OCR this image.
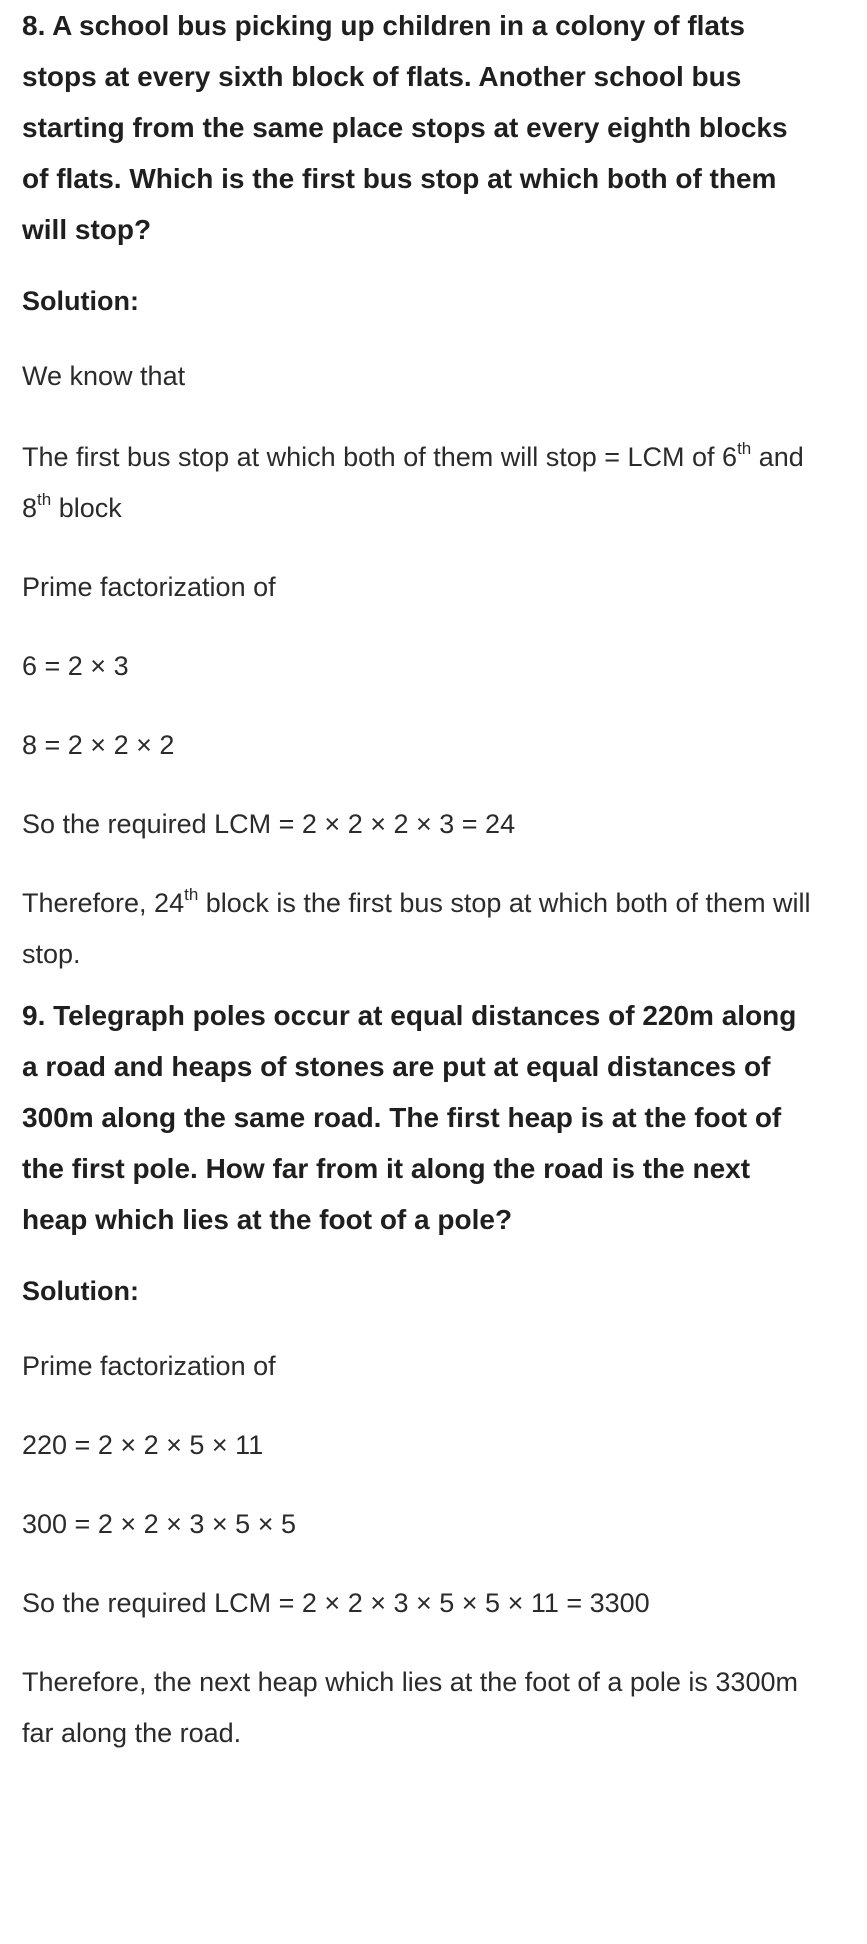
8. A school bus picking up children in a colony of flats stops at every sixth block of flats. Another school bus starting from the same place stops at every eighth blocks of flats. Which is the first bus stop at which both of them will stop?

Solution:

We know that

The first bus stop at which both of them will stop = LCM of 6th and 8th block

Prime factorization of

6 = 2 × 3

8 = 2 × 2 × 2

So the required LCM = 2 × 2 × 2 × 3 = 24

Therefore, 24th block is the first bus stop at which both of them will stop.

9. Telegraph poles occur at equal distances of 220m along a road and heaps of stones are put at equal distances of 300m along the same road. The first heap is at the foot of the first pole. How far from it along the road is the next heap which lies at the foot of a pole?

Solution:

Prime factorization of

220 = 2 × 2 × 5 × 11

300 = 2 × 2 × 3 × 5 × 5

So the required LCM = 2 × 2 × 3 × 5 × 5 × 11 = 3300

Therefore, the next heap which lies at the foot of a pole is 3300m far along the road.
